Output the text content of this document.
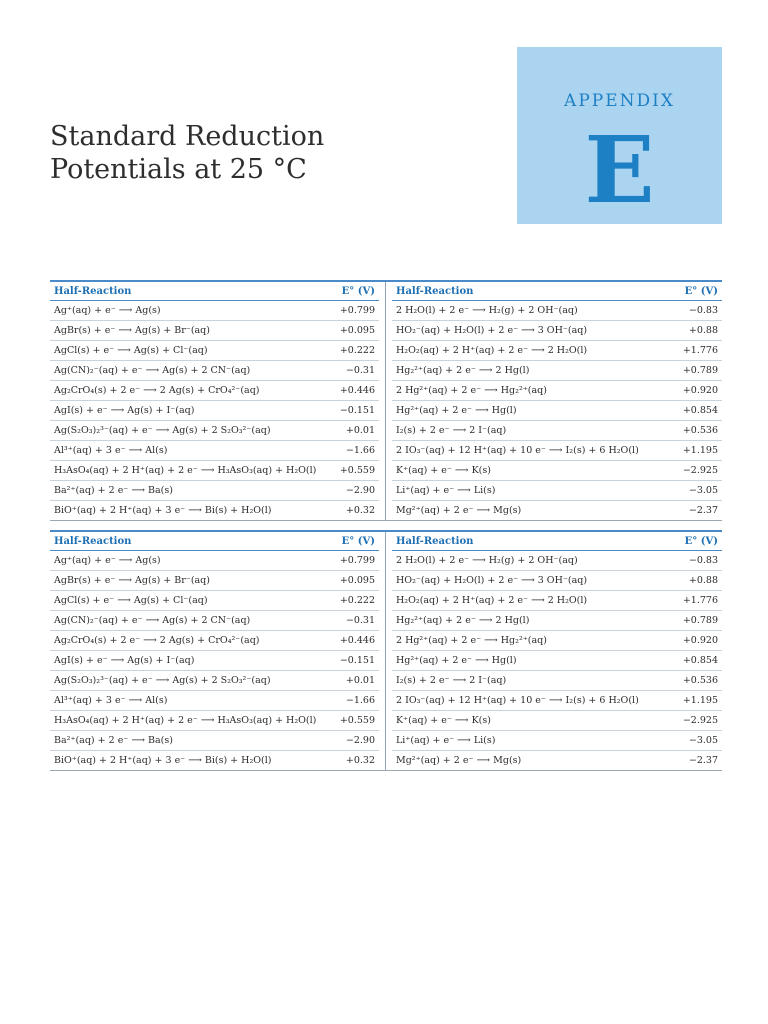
Standard Reduction
Potentials at 25 °C
APPENDIX
E
Half-Reaction	E° (V)
Ag⁺(aq) + e⁻ ⟶ Ag(s)	+0.799
AgBr(s) + e⁻ ⟶ Ag(s) + Br⁻(aq)	+0.095
AgCl(s) + e⁻ ⟶ Ag(s) + Cl⁻(aq)	+0.222
Ag(CN)₂⁻(aq) + e⁻ ⟶ Ag(s) + 2 CN⁻(aq)	−0.31
Ag₂CrO₄(s) + 2 e⁻ ⟶ 2 Ag(s) + CrO₄²⁻(aq)	+0.446
AgI(s) + e⁻ ⟶ Ag(s) + I⁻(aq)	−0.151
Ag(S₂O₃)₂³⁻(aq) + e⁻ ⟶ Ag(s) + 2 S₂O₃²⁻(aq)	+0.01
Al³⁺(aq) + 3 e⁻ ⟶ Al(s)	−1.66
H₃AsO₄(aq) + 2 H⁺(aq) + 2 e⁻ ⟶ H₃AsO₃(aq) + H₂O(l)	+0.559
Ba²⁺(aq) + 2 e⁻ ⟶ Ba(s)	−2.90
BiO⁺(aq) + 2 H⁺(aq) + 3 e⁻ ⟶ Bi(s) + H₂O(l)	+0.32
Half-Reaction	E° (V)
2 H₂O(l) + 2 e⁻ ⟶ H₂(g) + 2 OH⁻(aq)	−0.83
HO₂⁻(aq) + H₂O(l) + 2 e⁻ ⟶ 3 OH⁻(aq)	+0.88
H₂O₂(aq) + 2 H⁺(aq) + 2 e⁻ ⟶ 2 H₂O(l)	+1.776
Hg₂²⁺(aq) + 2 e⁻ ⟶ 2 Hg(l)	+0.789
2 Hg²⁺(aq) + 2 e⁻ ⟶ Hg₂²⁺(aq)	+0.920
Hg²⁺(aq) + 2 e⁻ ⟶ Hg(l)	+0.854
I₂(s) + 2 e⁻ ⟶ 2 I⁻(aq)	+0.536
2 IO₃⁻(aq) + 12 H⁺(aq) + 10 e⁻ ⟶ I₂(s) + 6 H₂O(l)	+1.195
K⁺(aq) + e⁻ ⟶ K(s)	−2.925
Li⁺(aq) + e⁻ ⟶ Li(s)	−3.05
Mg²⁺(aq) + 2 e⁻ ⟶ Mg(s)	−2.37
Half-Reaction	E° (V)
Ag⁺(aq) + e⁻ ⟶ Ag(s)	+0.799
AgBr(s) + e⁻ ⟶ Ag(s) + Br⁻(aq)	+0.095
AgCl(s) + e⁻ ⟶ Ag(s) + Cl⁻(aq)	+0.222
Ag(CN)₂⁻(aq) + e⁻ ⟶ Ag(s) + 2 CN⁻(aq)	−0.31
Ag₂CrO₄(s) + 2 e⁻ ⟶ 2 Ag(s) + CrO₄²⁻(aq)	+0.446
AgI(s) + e⁻ ⟶ Ag(s) + I⁻(aq)	−0.151
Ag(S₂O₃)₂³⁻(aq) + e⁻ ⟶ Ag(s) + 2 S₂O₃²⁻(aq)	+0.01
Al³⁺(aq) + 3 e⁻ ⟶ Al(s)	−1.66
H₃AsO₄(aq) + 2 H⁺(aq) + 2 e⁻ ⟶ H₃AsO₃(aq) + H₂O(l)	+0.559
Ba²⁺(aq) + 2 e⁻ ⟶ Ba(s)	−2.90
BiO⁺(aq) + 2 H⁺(aq) + 3 e⁻ ⟶ Bi(s) + H₂O(l)	+0.32
Half-Reaction	E° (V)
2 H₂O(l) + 2 e⁻ ⟶ H₂(g) + 2 OH⁻(aq)	−0.83
HO₂⁻(aq) + H₂O(l) + 2 e⁻ ⟶ 3 OH⁻(aq)	+0.88
H₂O₂(aq) + 2 H⁺(aq) + 2 e⁻ ⟶ 2 H₂O(l)	+1.776
Hg₂²⁺(aq) + 2 e⁻ ⟶ 2 Hg(l)	+0.789
2 Hg²⁺(aq) + 2 e⁻ ⟶ Hg₂²⁺(aq)	+0.920
Hg²⁺(aq) + 2 e⁻ ⟶ Hg(l)	+0.854
I₂(s) + 2 e⁻ ⟶ 2 I⁻(aq)	+0.536
2 IO₃⁻(aq) + 12 H⁺(aq) + 10 e⁻ ⟶ I₂(s) + 6 H₂O(l)	+1.195
K⁺(aq) + e⁻ ⟶ K(s)	−2.925
Li⁺(aq) + e⁻ ⟶ Li(s)	−3.05
Mg²⁺(aq) + 2 e⁻ ⟶ Mg(s)	−2.37
